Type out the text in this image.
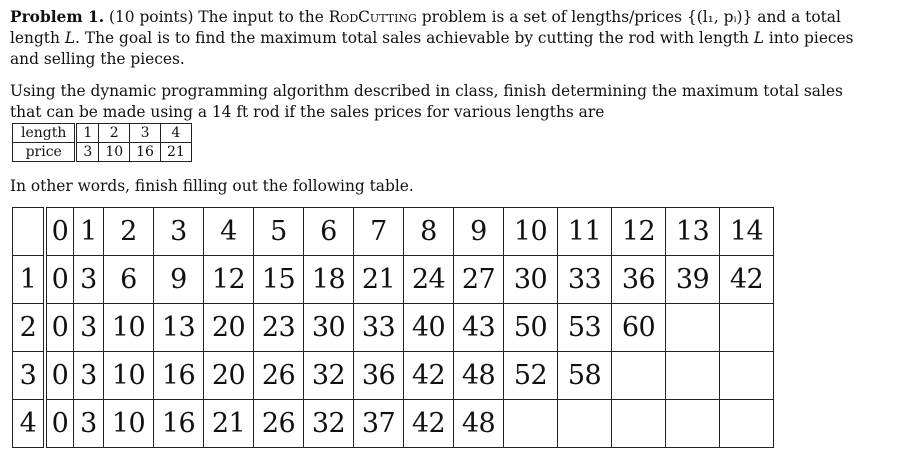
Problem 1. (10 points) The input to the RodCutting problem is a set of lengths/prices {(l₁, pᵢ)} and a total length L. The goal is to find the maximum total sales achievable by cutting the rod with length L into pieces and selling the pieces.
Using the dynamic programming algorithm described in class, finish determining the maximum total sales that can be made using a 14 ft rod if the sales prices for various lengths are
length	1	2	3	4
price	3	10	16	21
In other words, finish filling out the following table.
	0	1	2	3	4	5	6	7	8	9	10	11	12	13	14
1	0	3	6	9	12	15	18	21	24	27	30	33	36	39	42
2	0	3	10	13	20	23	30	33	40	43	50	53	60		
3	0	3	10	16	20	26	32	36	42	48	52	58			
4	0	3	10	16	21	26	32	37	42	48					
